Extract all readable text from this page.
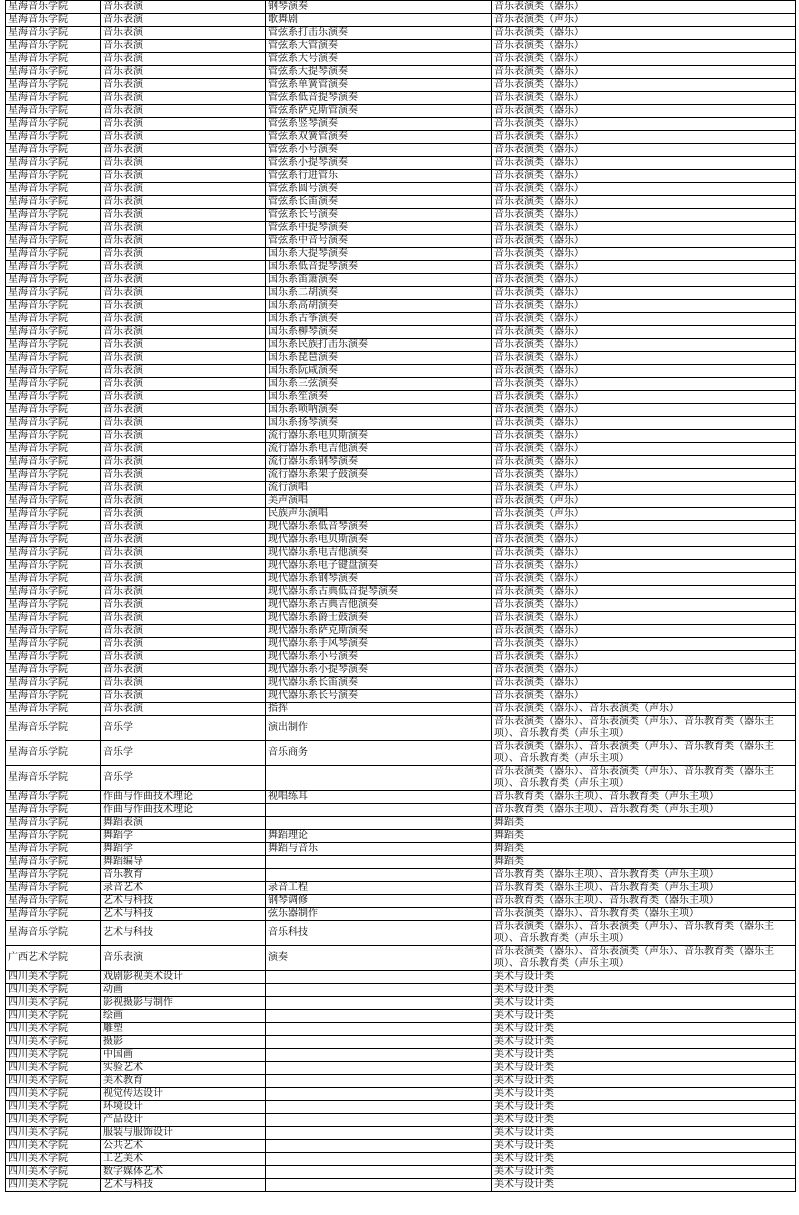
星海音乐学院	音乐表演	钢琴演奏	音乐表演类（器乐）
星海音乐学院	音乐表演	歌舞剧	音乐表演类（声乐）
星海音乐学院	音乐表演	管弦系打击乐演奏	音乐表演类（器乐）
星海音乐学院	音乐表演	管弦系大管演奏	音乐表演类（器乐）
星海音乐学院	音乐表演	管弦系大号演奏	音乐表演类（器乐）
星海音乐学院	音乐表演	管弦系大提琴演奏	音乐表演类（器乐）
星海音乐学院	音乐表演	管弦系单簧管演奏	音乐表演类（器乐）
星海音乐学院	音乐表演	管弦系低音提琴演奏	音乐表演类（器乐）
星海音乐学院	音乐表演	管弦系萨克斯管演奏	音乐表演类（器乐）
星海音乐学院	音乐表演	管弦系竖琴演奏	音乐表演类（器乐）
星海音乐学院	音乐表演	管弦系双簧管演奏	音乐表演类（器乐）
星海音乐学院	音乐表演	管弦系小号演奏	音乐表演类（器乐）
星海音乐学院	音乐表演	管弦系小提琴演奏	音乐表演类（器乐）
星海音乐学院	音乐表演	管弦系行进管乐	音乐表演类（器乐）
星海音乐学院	音乐表演	管弦系圆号演奏	音乐表演类（器乐）
星海音乐学院	音乐表演	管弦系长笛演奏	音乐表演类（器乐）
星海音乐学院	音乐表演	管弦系长号演奏	音乐表演类（器乐）
星海音乐学院	音乐表演	管弦系中提琴演奏	音乐表演类（器乐）
星海音乐学院	音乐表演	管弦系中音号演奏	音乐表演类（器乐）
星海音乐学院	音乐表演	国乐系大提琴演奏	音乐表演类（器乐）
星海音乐学院	音乐表演	国乐系低音提琴演奏	音乐表演类（器乐）
星海音乐学院	音乐表演	国乐系笛箫演奏	音乐表演类（器乐）
星海音乐学院	音乐表演	国乐系二胡演奏	音乐表演类（器乐）
星海音乐学院	音乐表演	国乐系高胡演奏	音乐表演类（器乐）
星海音乐学院	音乐表演	国乐系古筝演奏	音乐表演类（器乐）
星海音乐学院	音乐表演	国乐系柳琴演奏	音乐表演类（器乐）
星海音乐学院	音乐表演	国乐系民族打击乐演奏	音乐表演类（器乐）
星海音乐学院	音乐表演	国乐系琵琶演奏	音乐表演类（器乐）
星海音乐学院	音乐表演	国乐系阮咸演奏	音乐表演类（器乐）
星海音乐学院	音乐表演	国乐系三弦演奏	音乐表演类（器乐）
星海音乐学院	音乐表演	国乐系笙演奏	音乐表演类（器乐）
星海音乐学院	音乐表演	国乐系唢呐演奏	音乐表演类（器乐）
星海音乐学院	音乐表演	国乐系扬琴演奏	音乐表演类（器乐）
星海音乐学院	音乐表演	流行器乐系电贝斯演奏	音乐表演类（器乐）
星海音乐学院	音乐表演	流行器乐系电吉他演奏	音乐表演类（器乐）
星海音乐学院	音乐表演	流行器乐系钢琴演奏	音乐表演类（器乐）
星海音乐学院	音乐表演	流行器乐系架子鼓演奏	音乐表演类（器乐）
星海音乐学院	音乐表演	流行演唱	音乐表演类（声乐）
星海音乐学院	音乐表演	美声演唱	音乐表演类（声乐）
星海音乐学院	音乐表演	民族声乐演唱	音乐表演类（声乐）
星海音乐学院	音乐表演	现代器乐系低音琴演奏	音乐表演类（器乐）
星海音乐学院	音乐表演	现代器乐系电贝斯演奏	音乐表演类（器乐）
星海音乐学院	音乐表演	现代器乐系电吉他演奏	音乐表演类（器乐）
星海音乐学院	音乐表演	现代器乐系电子键盘演奏	音乐表演类（器乐）
星海音乐学院	音乐表演	现代器乐系钢琴演奏	音乐表演类（器乐）
星海音乐学院	音乐表演	现代器乐系古典低音提琴演奏	音乐表演类（器乐）
星海音乐学院	音乐表演	现代器乐系古典吉他演奏	音乐表演类（器乐）
星海音乐学院	音乐表演	现代器乐系爵士鼓演奏	音乐表演类（器乐）
星海音乐学院	音乐表演	现代器乐系萨克斯演奏	音乐表演类（器乐）
星海音乐学院	音乐表演	现代器乐系手风琴演奏	音乐表演类（器乐）
星海音乐学院	音乐表演	现代器乐系小号演奏	音乐表演类（器乐）
星海音乐学院	音乐表演	现代器乐系小提琴演奏	音乐表演类（器乐）
星海音乐学院	音乐表演	现代器乐系长笛演奏	音乐表演类（器乐）
星海音乐学院	音乐表演	现代器乐系长号演奏	音乐表演类（器乐）
星海音乐学院	音乐表演	指挥	音乐表演类（器乐）、音乐表演类（声乐）
星海音乐学院	音乐学	演出制作	音乐表演类（器乐）、音乐表演类（声乐）、音乐教育类（器乐主项）、音乐教育类（声乐主项）
星海音乐学院	音乐学	音乐商务	音乐表演类（器乐）、音乐表演类（声乐）、音乐教育类（器乐主项）、音乐教育类（声乐主项）
星海音乐学院	音乐学		音乐表演类（器乐）、音乐表演类（声乐）、音乐教育类（器乐主项）、音乐教育类（声乐主项）
星海音乐学院	作曲与作曲技术理论	视唱练耳	音乐教育类（器乐主项）、音乐教育类（声乐主项）
星海音乐学院	作曲与作曲技术理论		音乐教育类（器乐主项）、音乐教育类（声乐主项）
星海音乐学院	舞蹈表演		舞蹈类
星海音乐学院	舞蹈学	舞蹈理论	舞蹈类
星海音乐学院	舞蹈学	舞蹈与音乐	舞蹈类
星海音乐学院	舞蹈编导		舞蹈类
星海音乐学院	音乐教育		音乐教育类（器乐主项）、音乐教育类（声乐主项）
星海音乐学院	录音艺术	录音工程	音乐教育类（器乐主项）、音乐教育类（声乐主项）
星海音乐学院	艺术与科技	钢琴调修	音乐教育类（器乐主项）、音乐教育类（器乐主项）
星海音乐学院	艺术与科技	弦乐器制作	音乐表演类（器乐）、音乐教育类（器乐主项）
星海音乐学院	艺术与科技	音乐科技	音乐表演类（器乐）、音乐表演类（声乐）、音乐教育类（器乐主项）、音乐教育类（声乐主项）
广西艺术学院	音乐表演	演奏	音乐表演类（器乐）、音乐表演类（声乐）、音乐教育类（器乐主项）、音乐教育类（声乐主项）
四川美术学院	戏剧影视美术设计		美术与设计类
四川美术学院	动画		美术与设计类
四川美术学院	影视摄影与制作		美术与设计类
四川美术学院	绘画		美术与设计类
四川美术学院	雕塑		美术与设计类
四川美术学院	摄影		美术与设计类
四川美术学院	中国画		美术与设计类
四川美术学院	实验艺术		美术与设计类
四川美术学院	美术教育		美术与设计类
四川美术学院	视觉传达设计		美术与设计类
四川美术学院	环境设计		美术与设计类
四川美术学院	产品设计		美术与设计类
四川美术学院	服装与服饰设计		美术与设计类
四川美术学院	公共艺术		美术与设计类
四川美术学院	工艺美术		美术与设计类
四川美术学院	数字媒体艺术		美术与设计类
四川美术学院	艺术与科技		美术与设计类
